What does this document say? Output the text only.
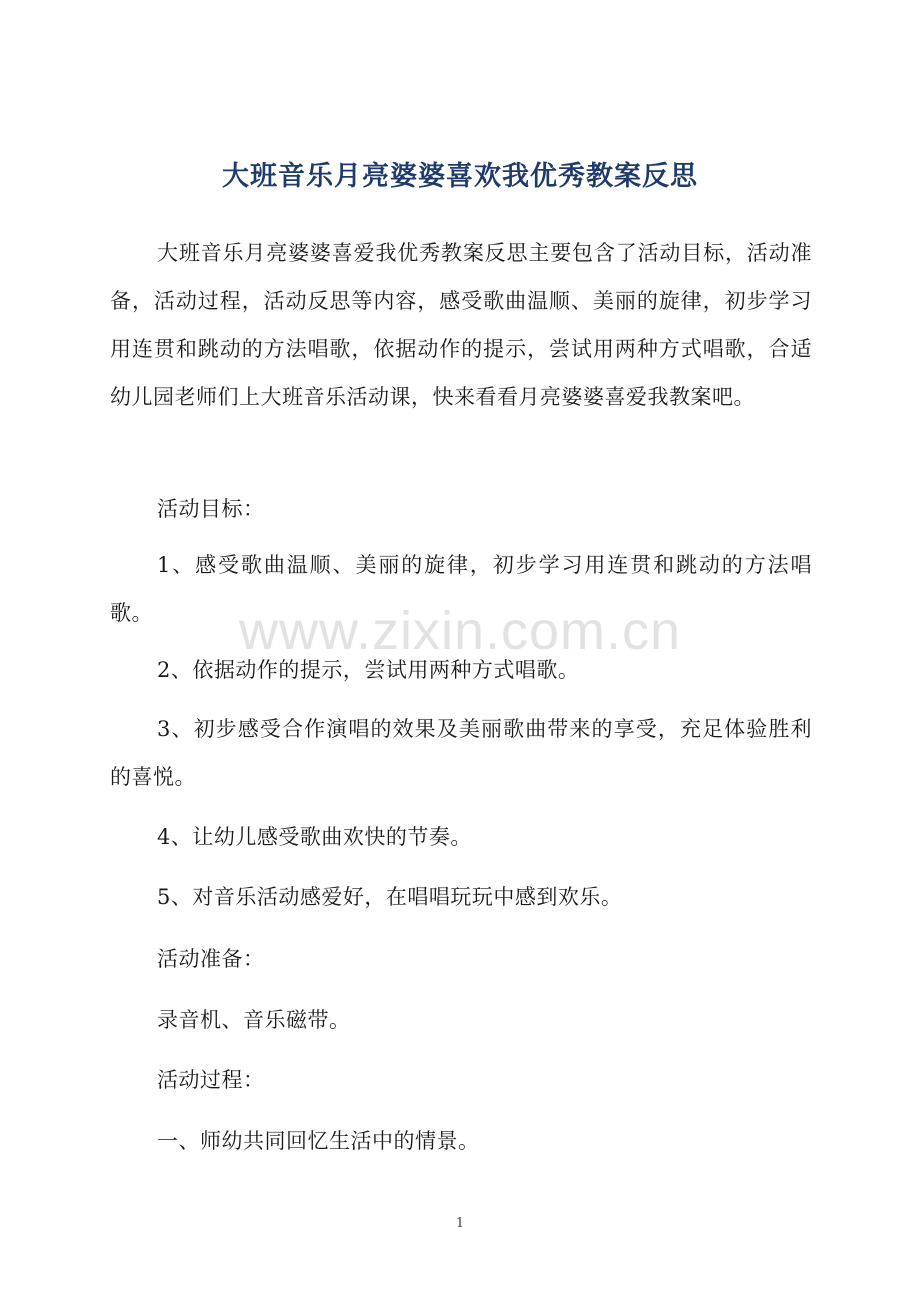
大班音乐月亮婆婆喜欢我优秀教案反思
大班音乐月亮婆婆喜爱我优秀教案反思主要包含了活动目标，活动准备，活动过程，活动反思等内容，感受歌曲温顺、美丽的旋律，初步学习用连贯和跳动的方法唱歌，依据动作的提示，尝试用两种方式唱歌，合适幼儿园老师们上大班音乐活动课，快来看看月亮婆婆喜爱我教案吧。
活动目标：
1、感受歌曲温顺、美丽的旋律，初步学习用连贯和跳动的方法唱歌。
2、依据动作的提示，尝试用两种方式唱歌。
3、初步感受合作演唱的效果及美丽歌曲带来的享受，充足体验胜利的喜悦。
4、让幼儿感受歌曲欢快的节奏。
5、对音乐活动感爱好，在唱唱玩玩中感到欢乐。
活动准备：
录音机、音乐磁带。
活动过程：
一、师幼共同回忆生活中的情景。
www.zixin.com.cn
1
